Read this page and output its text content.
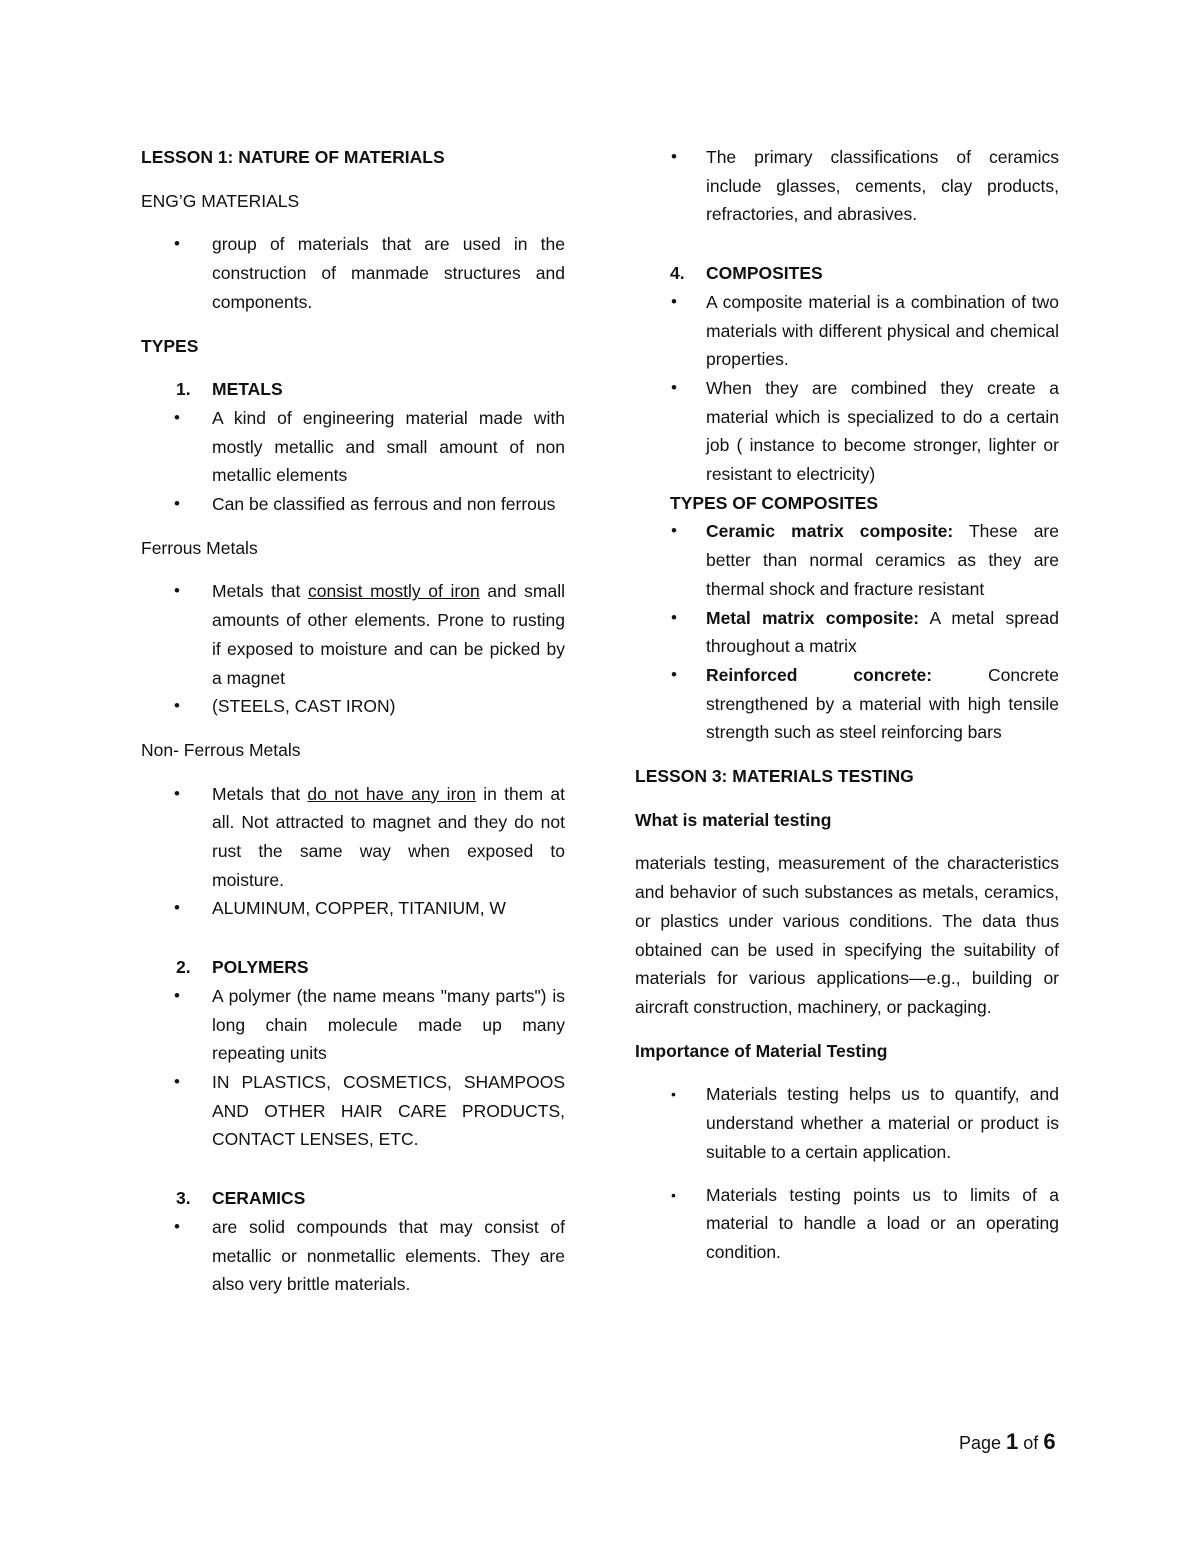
LESSON 1: NATURE OF MATERIALS

ENG’G MATERIALS

• group of materials that are used in the construction of manmade structures and components.

TYPES

1. METALS
• A kind of engineering material made with mostly metallic and small amount of non metallic elements
• Can be classified as ferrous and non ferrous

Ferrous Metals

• Metals that consist mostly of iron and small amounts of other elements. Prone to rusting if exposed to moisture and can be picked by a magnet
• (STEELS, CAST IRON)

Non- Ferrous Metals

• Metals that do not have any iron in them at all. Not attracted to magnet and they do not rust the same way when exposed to moisture.
• ALUMINUM, COPPER, TITANIUM, W
2. POLYMERS
• A polymer (the name means "many parts") is long chain molecule made up many repeating units
• IN PLASTICS, COSMETICS, SHAMPOOS AND OTHER HAIR CARE PRODUCTS, CONTACT LENSES, ETC.
3. CERAMICS
• are solid compounds that may consist of metallic or nonmetallic elements. They are also very brittle materials.
• The primary classifications of ceramics include glasses, cements, clay products, refractories, and abrasives.
4. COMPOSITES
• A composite material is a combination of two materials with different physical and chemical properties.
• When they are combined they create a material which is specialized to do a certain job ( instance to become stronger, lighter or resistant to electricity)

TYPES OF COMPOSITES

• Ceramic matrix composite: These are better than normal ceramics as they are thermal shock and fracture resistant
• Metal matrix composite: A metal spread throughout a matrix
• Reinforced concrete: Concrete strengthened by a material with high tensile strength such as steel reinforcing bars

LESSON 3: MATERIALS TESTING

What is material testing

materials testing, measurement of the characteristics and behavior of such substances as metals, ceramics, or plastics under various conditions. The data thus obtained can be used in specifying the suitability of materials for various applications—e.g., building or aircraft construction, machinery, or packaging.

Importance of Material Testing

• Materials testing helps us to quantify, and understand whether a material or product is suitable to a certain application.
• Materials testing points us to limits of a material to handle a load or an operating condition.
Page 1 of 6
